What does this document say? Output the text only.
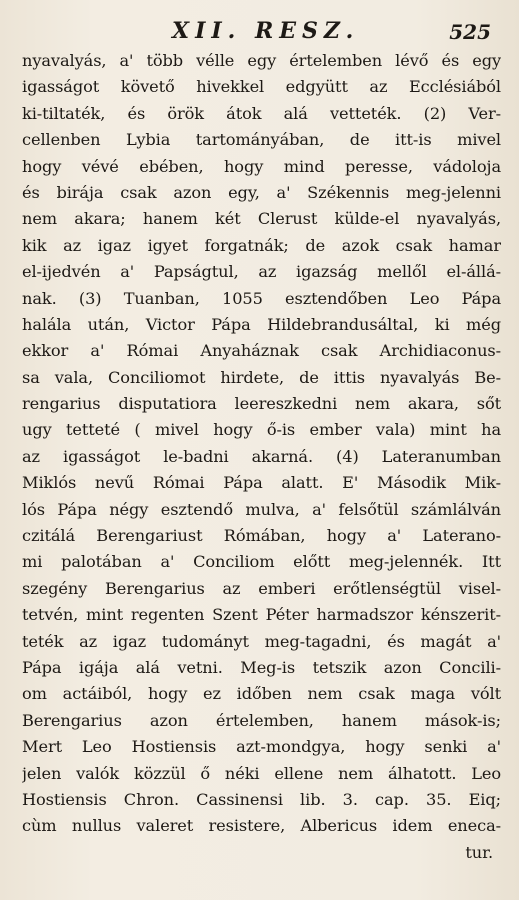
XII. RESZ.	525
nyavalyás, a' több vélle egy értelemben lévő és egy
igasságot követő hivekkel edgyütt az Ecclésiából
ki-tiltaték, és örök átok alá vetteték. (2) Ver-
cellenben Lybia tartományában, de itt-is mivel
hogy vévé ebében, hogy mind peresse, vádoloja
és birája csak azon egy, a' Székennis meg-jelenni
nem akara; hanem két Clerust külde-el nyavalyás,
kik az igaz igyet forgatnák; de azok csak hamar
el-ijedvén a' Papságtul, az igazság mellől el-állá-
nak. (3) Tuanban, 1055 esztendőben Leo Pápa
halála után, Victor Pápa Hildebrandusáltal, ki még
ekkor a' Római Anyaháznak csak Archidiaconus-
sa vala, Conciliomot hirdete, de ittis nyavalyás Be-
rengarius disputatiora leereszkedni nem akara, sőt
ugy tetteté ( mivel hogy ő-is ember vala) mint ha
az igasságot le-badni akarná. (4) Lateranumban
Miklós nevű Római Pápa alatt. E' Második Mik-
lós Pápa négy esztendő mulva, a' felsőtül számlálván
czitálá Berengariust Rómában, hogy a' Laterano-
mi palotában a' Conciliom előtt meg-jelennék. Itt
szegény Berengarius az emberi erőtlenségtül visel-
tetvén, mint regenten Szent Péter harmadszor kénszerit-
teték az igaz tudományt meg-tagadni, és magát a'
Pápa igája alá vetni. Meg-is tetszik azon Concili-
om actáiból, hogy ez időben nem csak maga vólt
Berengarius azon értelemben, hanem mások-is;
Mert Leo Hostiensis azt-mondgya, hogy senki a'
jelen valók közzül ő néki ellene nem álhatott. Leo
Hostiensis Chron. Cassinensi lib. 3. cap. 35. Eiq;
cùm nullus valeret resistere, Albericus idem eneca-
tur.
